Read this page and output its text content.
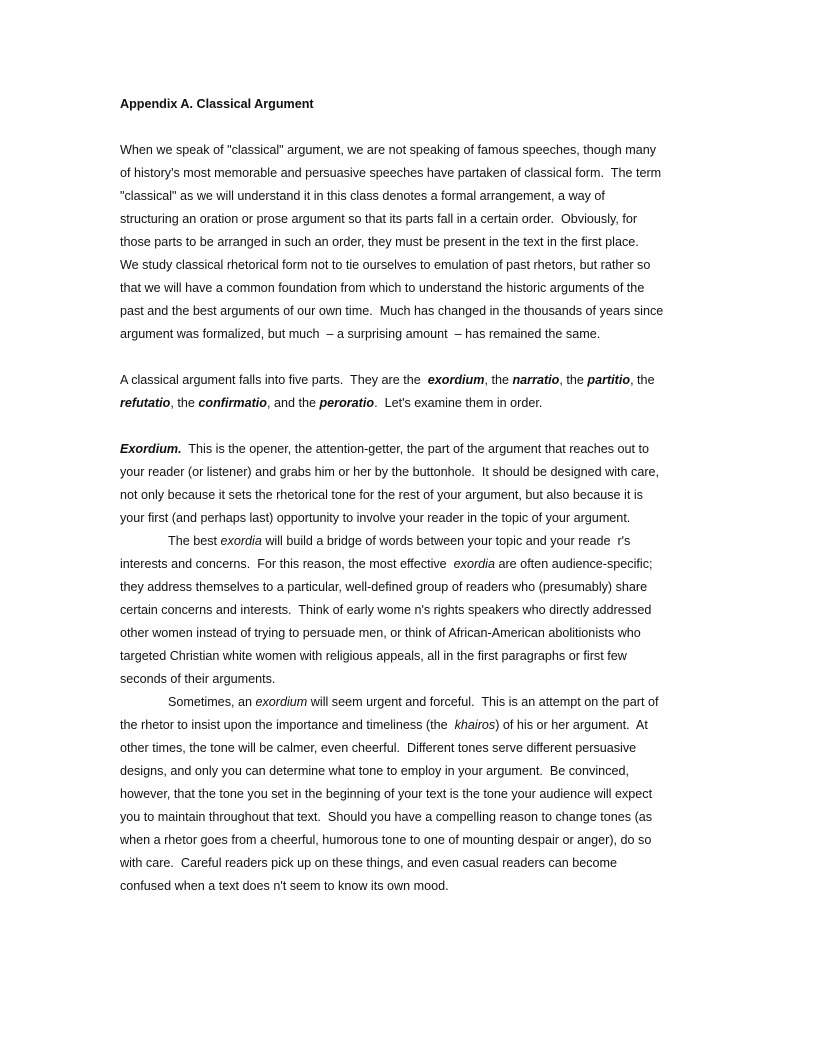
Appendix A. Classical Argument
When we speak of "classical" argument, we are not speaking of famous speeches, though many
of history's most memorable and persuasive speeches have partaken of classical form.  The term
"classical" as we will understand it in this class denotes a formal arrangement, a way of
structuring an oration or prose argument so that its parts fall in a certain order.  Obviously, for
those parts to be arranged in such an order, they must be present in the text in the first place.
We study classical rhetorical form not to tie ourselves to emulation of past rhetors, but rather so
that we will have a common foundation from which to understand the historic arguments of the
past and the best arguments of our own time.  Much has changed in the thousands of years since
argument was formalized, but much  – a surprising amount  – has remained the same.
A classical argument falls into five parts.  They are the  exordium, the narratio, the partitio, the
refutatio, the confirmatio, and the peroratio.  Let's examine them in order.
Exordium.  This is the opener, the attention-getter, the part of the argument that reaches out to
your reader (or listener) and grabs him or her by the buttonhole.  It should be designed with care,
not only because it sets the rhetorical tone for the rest of your argument, but also because it is
your first (and perhaps last) opportunity to involve your reader in the topic of your argument.
The best exordia will build a bridge of words between your topic and your reade  r's
interests and concerns.  For this reason, the most effective  exordia are often audience-specific;
they address themselves to a particular, well-defined group of readers who (presumably) share
certain concerns and interests.  Think of early wome n's rights speakers who directly addressed
other women instead of trying to persuade men, or think of African-American abolitionists who
targeted Christian white women with religious appeals, all in the first paragraphs or first few
seconds of their arguments.
Sometimes, an exordium will seem urgent and forceful.  This is an attempt on the part of
the rhetor to insist upon the importance and timeliness (the  khairos) of his or her argument.  At
other times, the tone will be calmer, even cheerful.  Different tones serve different persuasive
designs, and only you can determine what tone to employ in your argument.  Be convinced,
however, that the tone you set in the beginning of your text is the tone your audience will expect
you to maintain throughout that text.  Should you have a compelling reason to change tones (as
when a rhetor goes from a cheerful, humorous tone to one of mounting despair or anger), do so
with care.  Careful readers pick up on these things, and even casual readers can become
confused when a text does n't seem to know its own mood.
